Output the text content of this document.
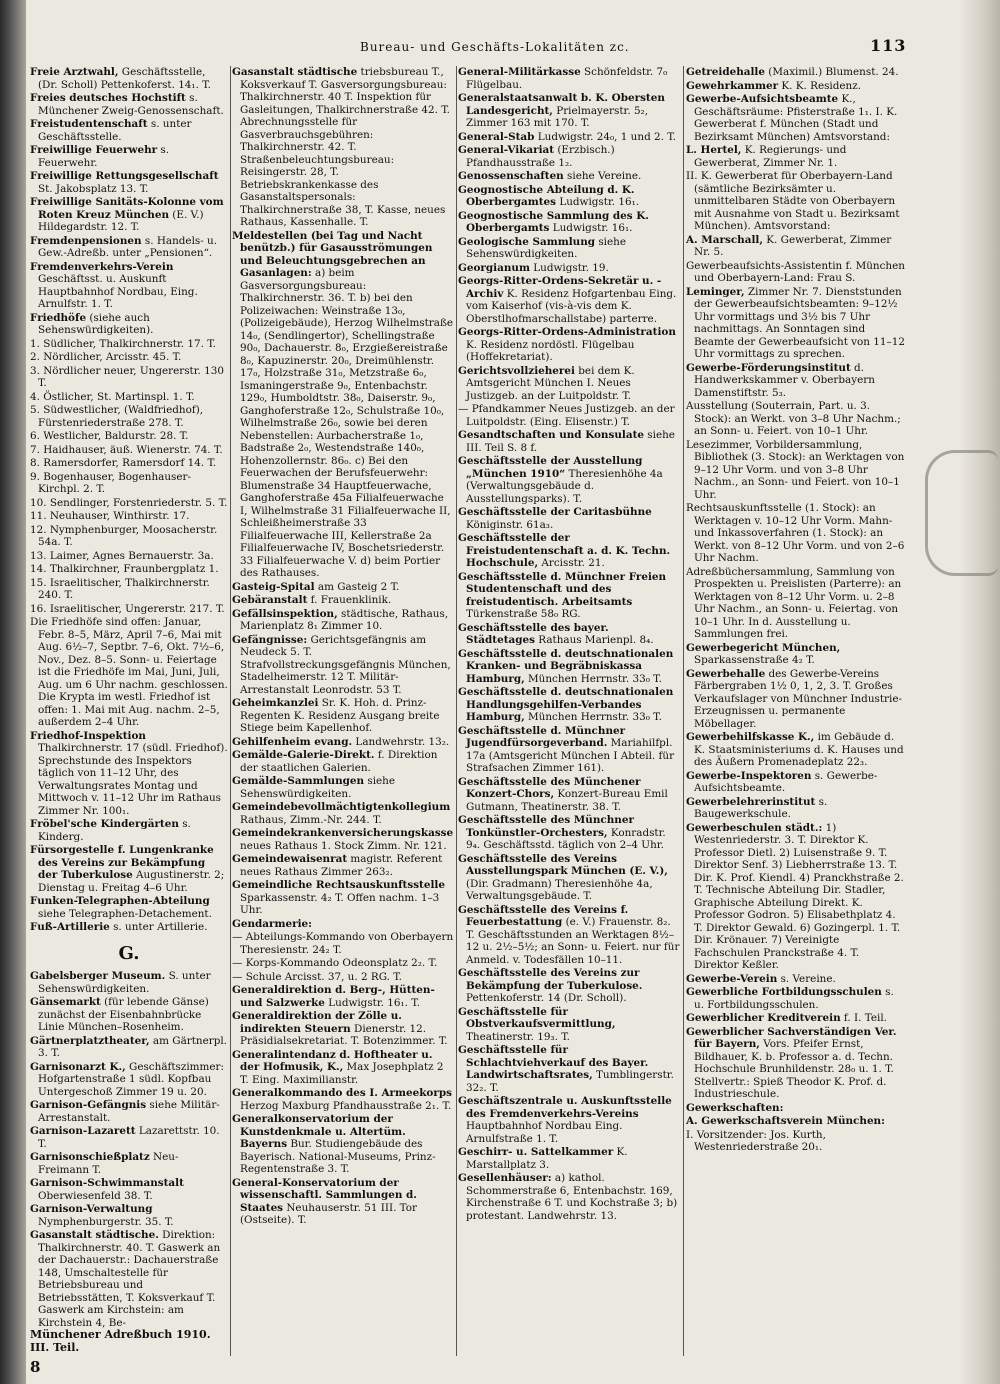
Bureau- und Geschäfts-Lokalitäten zc.	113
Freie Arztwahl, Geschäftsstelle, (Dr. Scholl) Pettenkoferst. 14₁. T.
Freies deutsches Hochstift s. Münchener Zweig-Genossenschaft.
Freistudentenschaft s. unter Geschäftsstelle.
Freiwillige Feuerwehr s. Feuerwehr.
Freiwillige Rettungsgesellschaft St. Jakobsplatz 13. T.
Freiwillige Sanitäts-Kolonne vom Roten Kreuz München (E. V.) Hildegardstr. 12. T.
Fremdenpensionen s. Handels- u. Gew.-Adreßb. unter „Pensionen“.
Fremdenverkehrs-Verein Geschäftsst. u. Auskunft Hauptbahnhof Nordbau, Eing. Arnulfstr. 1. T.
Friedhöfe (siehe auch Sehenswürdigkeiten).
1. Südlicher, Thalkirchnerstr. 17. T.
2. Nördlicher, Arcisstr. 45. T.
3. Nördlicher neuer, Ungererstr. 130 T.
4. Östlicher, St. Martinspl. 1. T.
5. Südwestlicher, (Waldfriedhof), Fürstenriederstraße 278. T.
6. Westlicher, Baldurstr. 28. T.
7. Haidhauser, äuß. Wienerstr. 74. T.
8. Ramersdorfer, Ramersdorf 14. T.
9. Bogenhauser, Bogenhauser-Kirchpl. 2. T.
10. Sendlinger, Forstenriederstr. 5. T.
11. Neuhauser, Winthirstr. 17.
12. Nymphenburger, Moosacherstr. 54a. T.
13. Laimer, Agnes Bernauerstr. 3a.
14. Thalkirchner, Fraunbergplatz 1.
15. Israelitischer, Thalkirchnerstr. 240. T.
16. Israelitischer, Ungererstr. 217. T.
Die Friedhöfe sind offen: Januar, Febr. 8–5, März, April 7–6, Mai mit Aug. 6½–7, Septbr. 7–6, Okt. 7½–6, Nov., Dez. 8–5. Sonn- u. Feiertage ist die Friedhöfe im Mai, Juni, Juli, Aug. um 6 Uhr nachm. geschlossen. Die Krypta im westl. Friedhof ist offen: 1. Mai mit Aug. nachm. 2–5, außerdem 2–4 Uhr.
Friedhof-Inspektion Thalkirchnerstr. 17 (südl. Friedhof). Sprechstunde des Inspektors täglich von 11–12 Uhr, des Verwaltungsrates Montag und Mittwoch v. 11–12 Uhr im Rathaus Zimmer Nr. 100₁.
Fröbel'sche Kindergärten s. Kinderg.
Fürsorgestelle f. Lungenkranke des Vereins zur Bekämpfung der Tuberkulose Augustinerstr. 2; Dienstag u. Freitag 4–6 Uhr.
Funken-Telegraphen-Abteilung siehe Telegraphen-Detachement.
Fuß-Artillerie s. unter Artillerie.
G.
Gabelsberger Museum. S. unter Sehenswürdigkeiten.
Gänsemarkt (für lebende Gänse) zunächst der Eisenbahnbrücke Linie München–Rosenheim.
Gärtnerplatztheater, am Gärtnerpl. 3. T.
Garnisonarzt K., Geschäftszimmer: Hofgartenstraße 1 südl. Kopfbau Untergeschoß Zimmer 19 u. 20.
Garnison-Gefängnis siehe Militär-Arrestanstalt.
Garnison-Lazarett Lazarettstr. 10. T.
Garnisonschießplatz Neu-Freimann T.
Garnison-Schwimmanstalt Oberwiesenfeld 38. T.
Garnison-Verwaltung Nymphenburgerstr. 35. T.
Gasanstalt städtische. Direktion: Thalkirchnerstr. 40. T. Gaswerk an der Dachauerstr.: Dachauerstraße 148, Umschaltestelle für Betriebsbureau und Betriebsstätten, T. Koksverkauf T. Gaswerk am Kirchstein: am Kirchstein 4, Be-
Gasanstalt städtische triebsbureau T., Koksverkauf T. Gasversorgungsbureau: Thalkirchnerstr. 40 T. Inspektion für Gasleitungen, Thalkirchnerstraße 42. T. Abrechnungsstelle für Gasverbrauchsgebühren: Thalkirchnerstr. 42. T. Straßenbeleuchtungsbureau: Reisingerstr. 28, T. Betriebskrankenkasse des Gasanstaltspersonals: Thalkirchnerstraße 38, T. Kasse, neues Rathaus, Kassenhalle. T.
Meldestellen (bei Tag und Nacht benützb.) für Gasausströmungen und Beleuchtungsgebrechen an Gasanlagen: a) beim Gasversorgungsbureau: Thalkirchnerstr. 36. T. b) bei den Polizeiwachen: Weinstraße 13₀, (Polizeigebäude), Herzog Wilhelmstraße 14₀, (Sendlingertor), Schellingstraße 90₀, Dachauerstr. 8₀, Erzgießereistraße 8₀, Kapuzinerstr. 20₀, Dreimühlenstr. 17₀, Holzstraße 31₀, Metzstraße 6₀, Ismaningerstraße 9₀, Entenbachstr. 129₀, Humboldtstr. 38₀, Daiserstr. 9₀, Ganghoferstraße 12₀, Schulstraße 10₀, Wilhelmstraße 26₀, sowie bei deren Nebenstellen: Aurbacherstraße 1₀, Badstraße 2₀, Westendstraße 140₀, Hohenzollernstr. 86₀. c) Bei den Feuerwachen der Berufsfeuerwehr: Blumenstraße 34 Hauptfeuerwache, Ganghoferstraße 45a Filialfeuerwache I, Wilhelmstraße 31 Filialfeuerwache II, Schleißheimerstraße 33 Filialfeuerwache III, Kellerstraße 2a Filialfeuerwache IV, Boschetsriederstr. 33 Filialfeuerwache V. d) beim Portier des Rathauses.
Gasteig-Spital am Gasteig 2 T.
Gebäranstalt f. Frauenklinik.
Gefällsinspektion, städtische, Rathaus, Marienplatz 8₁ Zimmer 10.
Gefängnisse: Gerichtsgefängnis am Neudeck 5. T. Strafvollstreckungsgefängnis München, Stadelheimerstr. 12 T. Militär-Arrestanstalt Leonrodstr. 53 T.
Geheimkanzlei Sr. K. Hoh. d. Prinz-Regenten K. Residenz Ausgang breite Stiege beim Kapellenhof.
Gehilfenheim evang. Landwehrstr. 13₂.
Gemälde-Galerie-Direkt. f. Direktion der staatlichen Galerien.
Gemälde-Sammlungen siehe Sehenswürdigkeiten.
Gemeindebevollmächtigtenkollegium Rathaus, Zimm.-Nr. 244. T.
Gemeindekrankenversicherungskasse neues Rathaus 1. Stock Zimm. Nr. 121.
Gemeindewaisenrat magistr. Referent neues Rathaus Zimmer 263₂.
Gemeindliche Rechtsauskunftsstelle Sparkassenstr. 4₂ T. Offen nachm. 1–3 Uhr.
Gendarmerie:
— Abteilungs-Kommando von Oberbayern Theresienstr. 24₂ T.
— Korps-Kommando Odeonsplatz 2₂. T.
— Schule Arcisst. 37, u. 2 RG. T.
Generaldirektion d. Berg-, Hütten- und Salzwerke Ludwigstr. 16₁. T.
Generaldirektion der Zölle u. indirekten Steuern Dienerstr. 12. Präsidialsekretariat. T. Botenzimmer. T.
Generalintendanz d. Hoftheater u. der Hofmusik, K., Max Josephplatz 2 T. Eing. Maximilianstr.
Generalkommando des I. Armeekorps Herzog Maxburg Pfandhausstraße 2₁. T.
Generalkonservatorium der Kunstdenkmale u. Altertüm. Bayerns Bur. Studiengebäude des Bayerisch. National-Museums, Prinz-Regentenstraße 3. T.
General-Konservatorium der wissenschaftl. Sammlungen d. Staates Neuhauserstr. 51 III. Tor (Ostseite). T.
General-Militärkasse Schönfeldstr. 7₀ Flügelbau.
Generalstaatsanwalt b. K. Obersten Landesgericht, Prielmayerstr. 5₂, Zimmer 163 mit 170. T.
General-Stab Ludwigstr. 24₀, 1 und 2. T.
General-Vikariat (Erzbisch.) Pfandhausstraße 1₂.
Genossenschaften siehe Vereine.
Geognostische Abteilung d. K. Oberbergamtes Ludwigstr. 16₁.
Geognostische Sammlung des K. Oberbergamts Ludwigstr. 16₁.
Geologische Sammlung siehe Sehenswürdigkeiten.
Georgianum Ludwigstr. 19.
Georgs-Ritter-Ordens-Sekretär u. -Archiv K. Residenz Hofgartenbau Eing. vom Kaiserhof (vis-à-vis dem K. Oberstlhofmarschallstabe) parterre.
Georgs-Ritter-Ordens-Administration K. Residenz nordöstl. Flügelbau (Hoffekretariat).
Gerichtsvollzieherei bei dem K. Amtsgericht München I. Neues Justizgeb. an der Luitpoldstr. T.
— Pfandkammer Neues Justizgeb. an der Luitpoldstr. (Eing. Elisenstr.) T.
Gesandtschaften und Konsulate siehe III. Teil S. 8 f.
Geschäftsstelle der Ausstellung „München 1910“ Theresienhöhe 4a (Verwaltungsgebäude d. Ausstellungsparks). T.
Geschäftsstelle der Caritasbühne Königinstr. 61a₃.
Geschäftsstelle der Freistudentenschaft a. d. K. Techn. Hochschule, Arcisstr. 21.
Geschäftsstelle d. Münchner Freien Studentenschaft und des freistudentisch. Arbeitsamts Türkenstraße 58₀ RG.
Geschäftsstelle des bayer. Städtetages Rathaus Marienpl. 8₄.
Geschäftsstelle d. deutschnationalen Kranken- und Begräbniskassa Hamburg, München Herrnstr. 33₀ T.
Geschäftsstelle d. deutschnationalen Handlungsgehilfen-Verbandes Hamburg, München Herrnstr. 33₀ T.
Geschäftsstelle d. Münchner Jugendfürsorgeverband. Mariahilfpl. 17a (Amtsgericht München I Abteil. für Strafsachen Zimmer 161).
Geschäftsstelle des Münchener Konzert-Chors, Konzert-Bureau Emil Gutmann, Theatinerstr. 38. T.
Geschäftsstelle des Münchner Tonkünstler-Orchesters, Konradstr. 9₄. Geschäftsstd. täglich von 2–4 Uhr.
Geschäftsstelle des Vereins Ausstellungspark München (E. V.), (Dir. Gradmann) Theresienhöhe 4a, Verwaltungsgebäude. T.
Geschäftsstelle des Vereins f. Feuerbestattung (e. V.) Frauenstr. 8₂. T. Geschäftsstunden an Werktagen 8½–12 u. 2½–5½; an Sonn- u. Feiert. nur für Anmeld. v. Todesfällen 10–11.
Geschäftsstelle des Vereins zur Bekämpfung der Tuberkulose. Pettenkoferstr. 14 (Dr. Scholl).
Geschäftsstelle für Obstverkaufsvermittlung, Theatinerstr. 19₃. T.
Geschäftsstelle für Schlachtviehverkauf des Bayer. Landwirtschaftsrates, Tumblingerstr. 32₂. T.
Geschäftszentrale u. Auskunftsstelle des Fremdenverkehrs-Vereins Hauptbahnhof Nordbau Eing. Arnulfstraße 1. T.
Geschirr- u. Sattelkammer K. Marstallplatz 3.
Gesellenhäuser: a) kathol. Schommerstraße 6, Entenbachstr. 169, Kirchenstraße 6 T. und Kochstraße 3; b) protestant. Landwehrstr. 13.
Getreidehalle (Maximil.) Blumenst. 24.
Gewehrkammer K. K. Residenz.
Gewerbe-Aufsichtsbeamte K., Geschäftsräume: Pfisterstraße 1₁. I. K. Gewerberat f. München (Stadt und Bezirksamt München) Amtsvorstand:
L. Hertel, K. Regierungs- und Gewerberat, Zimmer Nr. 1.
II. K. Gewerberat für Oberbayern-Land (sämtliche Bezirksämter u. unmittelbaren Städte von Oberbayern mit Ausnahme von Stadt u. Bezirksamt München). Amtsvorstand:
A. Marschall, K. Gewerberat, Zimmer Nr. 5.
Gewerbeaufsichts-Assistentin f. München und Oberbayern-Land: Frau S.
Leminger, Zimmer Nr. 7. Dienststunden der Gewerbeaufsichtsbeamten: 9–12½ Uhr vormittags und 3½ bis 7 Uhr nachmittags. An Sonntagen sind Beamte der Gewerbeaufsicht von 11–12 Uhr vormittags zu sprechen.
Gewerbe-Förderungsinstitut d. Handwerkskammer v. Oberbayern Damenstiftstr. 5₃.
Ausstellung (Souterrain, Part. u. 3. Stock): an Werkt. von 3–8 Uhr Nachm.; an Sonn- u. Feiert. von 10–1 Uhr.
Lesezimmer, Vorbildersammlung, Bibliothek (3. Stock): an Werktagen von 9–12 Uhr Vorm. und von 3–8 Uhr Nachm., an Sonn- und Feiert. von 10–1 Uhr.
Rechtsauskunftsstelle (1. Stock): an Werktagen v. 10–12 Uhr Vorm. Mahn- und Inkassoverfahren (1. Stock): an Werkt. von 8–12 Uhr Vorm. und von 2–6 Uhr Nachm.
Adreßbüchersammlung, Sammlung von Prospekten u. Preislisten (Parterre): an Werktagen von 8–12 Uhr Vorm. u. 2–8 Uhr Nachm., an Sonn- u. Feiertag. von 10–1 Uhr. In d. Ausstellung u. Sammlungen frei.
Gewerbegericht München, Sparkassenstraße 4₂ T.
Gewerbehalle des Gewerbe-Vereins Färbergraben 1½ 0, 1, 2, 3. T. Großes Verkaufslager von Münchner Industrie-Erzeugnissen u. permanente Möbellager.
Gewerbehilfskasse K., im Gebäude d. K. Staatsministeriums d. K. Hauses und des Äußern Promenadeplatz 22₃.
Gewerbe-Inspektoren s. Gewerbe-Aufsichtsbeamte.
Gewerbelehrerinstitut s. Baugewerkschule.
Gewerbeschulen städt.: 1) Westenriederstr. 3. T. Direktor K. Professor Dietl. 2) Luisenstraße 9. T. Direktor Senf. 3) Liebherrstraße 13. T. Dir. K. Prof. Kiendl. 4) Pranckhstraße 2. T. Technische Abteilung Dir. Stadler, Graphische Abteilung Direkt. K. Professor Godron. 5) Elisabethplatz 4. T. Direktor Gewald. 6) Gozingerpl. 1. T. Dir. Krönauer. 7) Vereinigte Fachschulen Pranckstraße 4. T. Direktor Keßler.
Gewerbe-Verein s. Vereine.
Gewerbliche Fortbildungsschulen s. u. Fortbildungsschulen.
Gewerblicher Kreditverein f. I. Teil.
Gewerblicher Sachverständigen Ver. für Bayern, Vors. Pfeifer Ernst, Bildhauer, K. b. Professor a. d. Techn. Hochschule Brunhildenstr. 28₀ u. 1. T. Stellvertr.: Spieß Theodor K. Prof. d. Industrieschule.
Gewerkschaften:
A. Gewerkschaftsverein München:
I. Vorsitzender: Jos. Kurth, Westenriederstraße 20₁.
Münchener Adreßbuch 1910. III. Teil.
8
